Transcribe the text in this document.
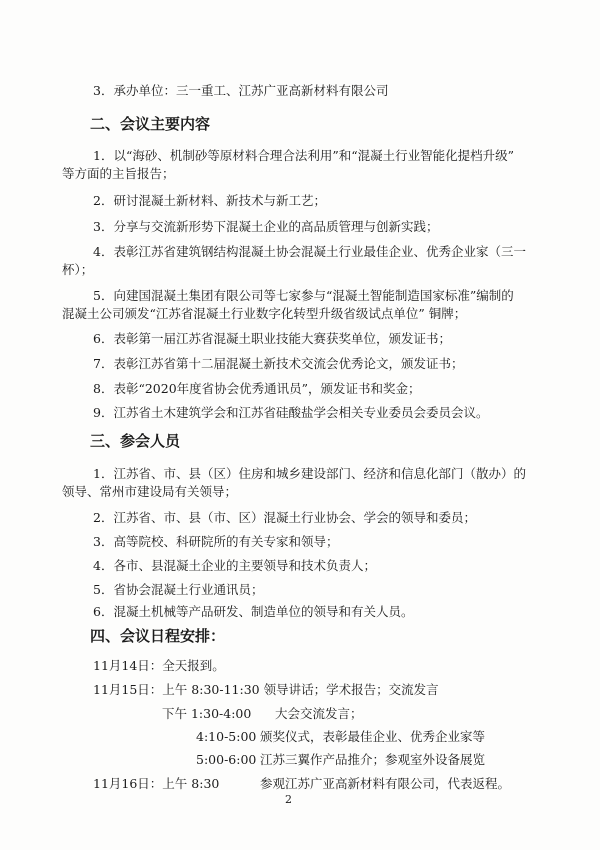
3．承办单位：三一重工、江苏广亚高新材料有限公司
二、会议主要内容
1．以“海砂、机制砂等原材料合理合法利用”和“混凝土行业智能化提档升级”
等方面的主旨报告；
2．研讨混凝土新材料、新技术与新工艺；
3．分享与交流新形势下混凝土企业的高品质管理与创新实践；
4．表彰江苏省建筑钢结构混凝土协会混凝土行业最佳企业、优秀企业家（三一
杯）；
5．向建国混凝土集团有限公司等七家参与“混凝土智能制造国家标准”编制的
混凝土公司颁发“江苏省混凝土行业数字化转型升级省级试点单位” 铜牌；
6．表彰第一届江苏省混凝土职业技能大赛获奖单位，颁发证书；
7．表彰江苏省第十二届混凝土新技术交流会优秀论文，颁发证书；
8．表彰“2020年度省协会优秀通讯员”，颁发证书和奖金；
9．江苏省土木建筑学会和江苏省硅酸盐学会相关专业委员会委员会议。
三、参会人员
1．江苏省、市、县（区）住房和城乡建设部门、经济和信息化部门（散办）的
领导、常州市建设局有关领导；
2．江苏省、市、县（市、区）混凝土行业协会、学会的领导和委员；
3．高等院校、科研院所的有关专家和领导；
4．各市、县混凝土企业的主要领导和技术负责人；
5．省协会混凝土行业通讯员；
6．混凝土机械等产品研发、制造单位的领导和有关人员。
四、会议日程安排：
11月14日：全天报到。
11月15日：上午 8:30-11:30 领导讲话；学术报告；交流发言
下午 1:30-4:00 大会交流发言；
4:10-5:00 颁奖仪式，表彰最佳企业、优秀企业家等
5:00-6:00 江苏三翼作产品推介；参观室外设备展览
11月16日：上午 8:30	参观江苏广亚高新材料有限公司，代表返程。
2
